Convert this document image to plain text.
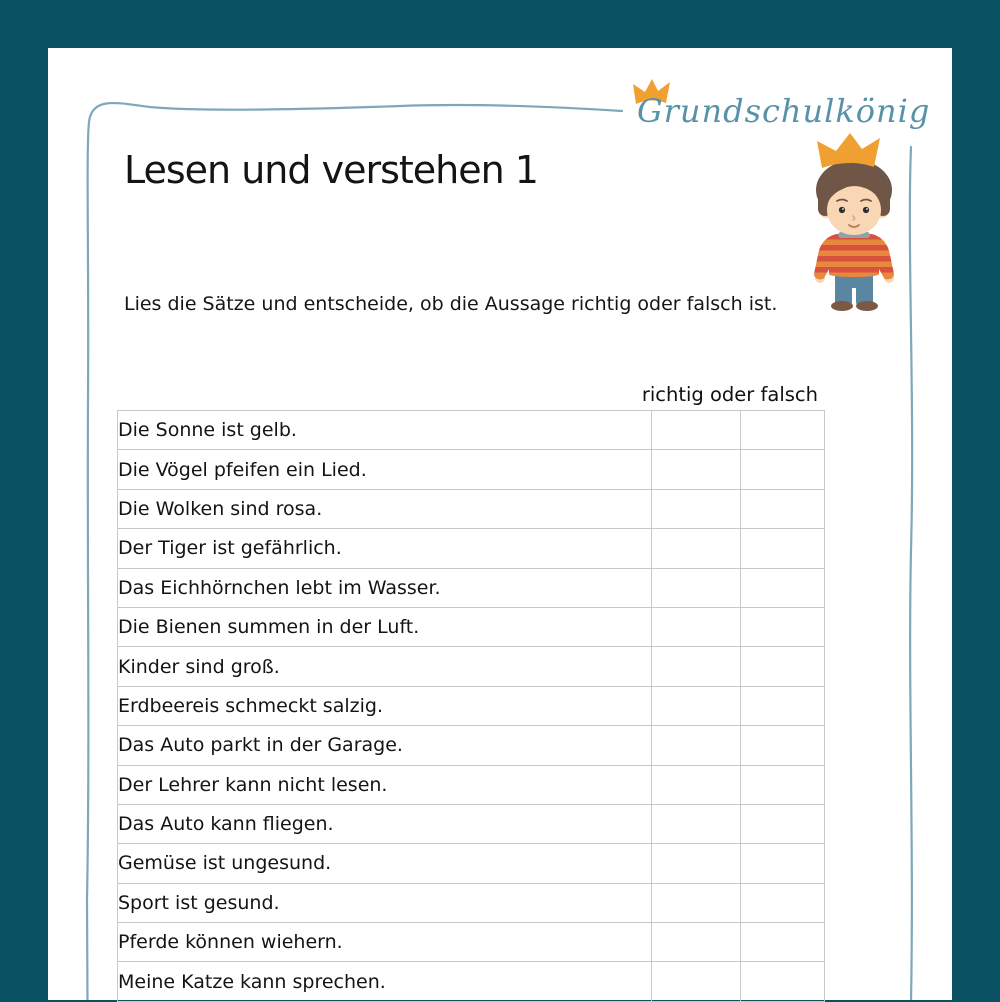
Grundschulkönig
Lesen und verstehen 1
Lies die Sätze und entscheide, ob die Aussage richtig oder falsch ist.
richtig oder falsch
Die Sonne ist gelb.		
Die Vögel pfeifen ein Lied.		
Die Wolken sind rosa.		
Der Tiger ist gefährlich.		
Das Eichhörnchen lebt im Wasser.		
Die Bienen summen in der Luft.		
Kinder sind groß.		
Erdbeereis schmeckt salzig.		
Das Auto parkt in der Garage.		
Der Lehrer kann nicht lesen.		
Das Auto kann fliegen.		
Gemüse ist ungesund.		
Sport ist gesund.		
Pferde können wiehern.		
Meine Katze kann sprechen.		
